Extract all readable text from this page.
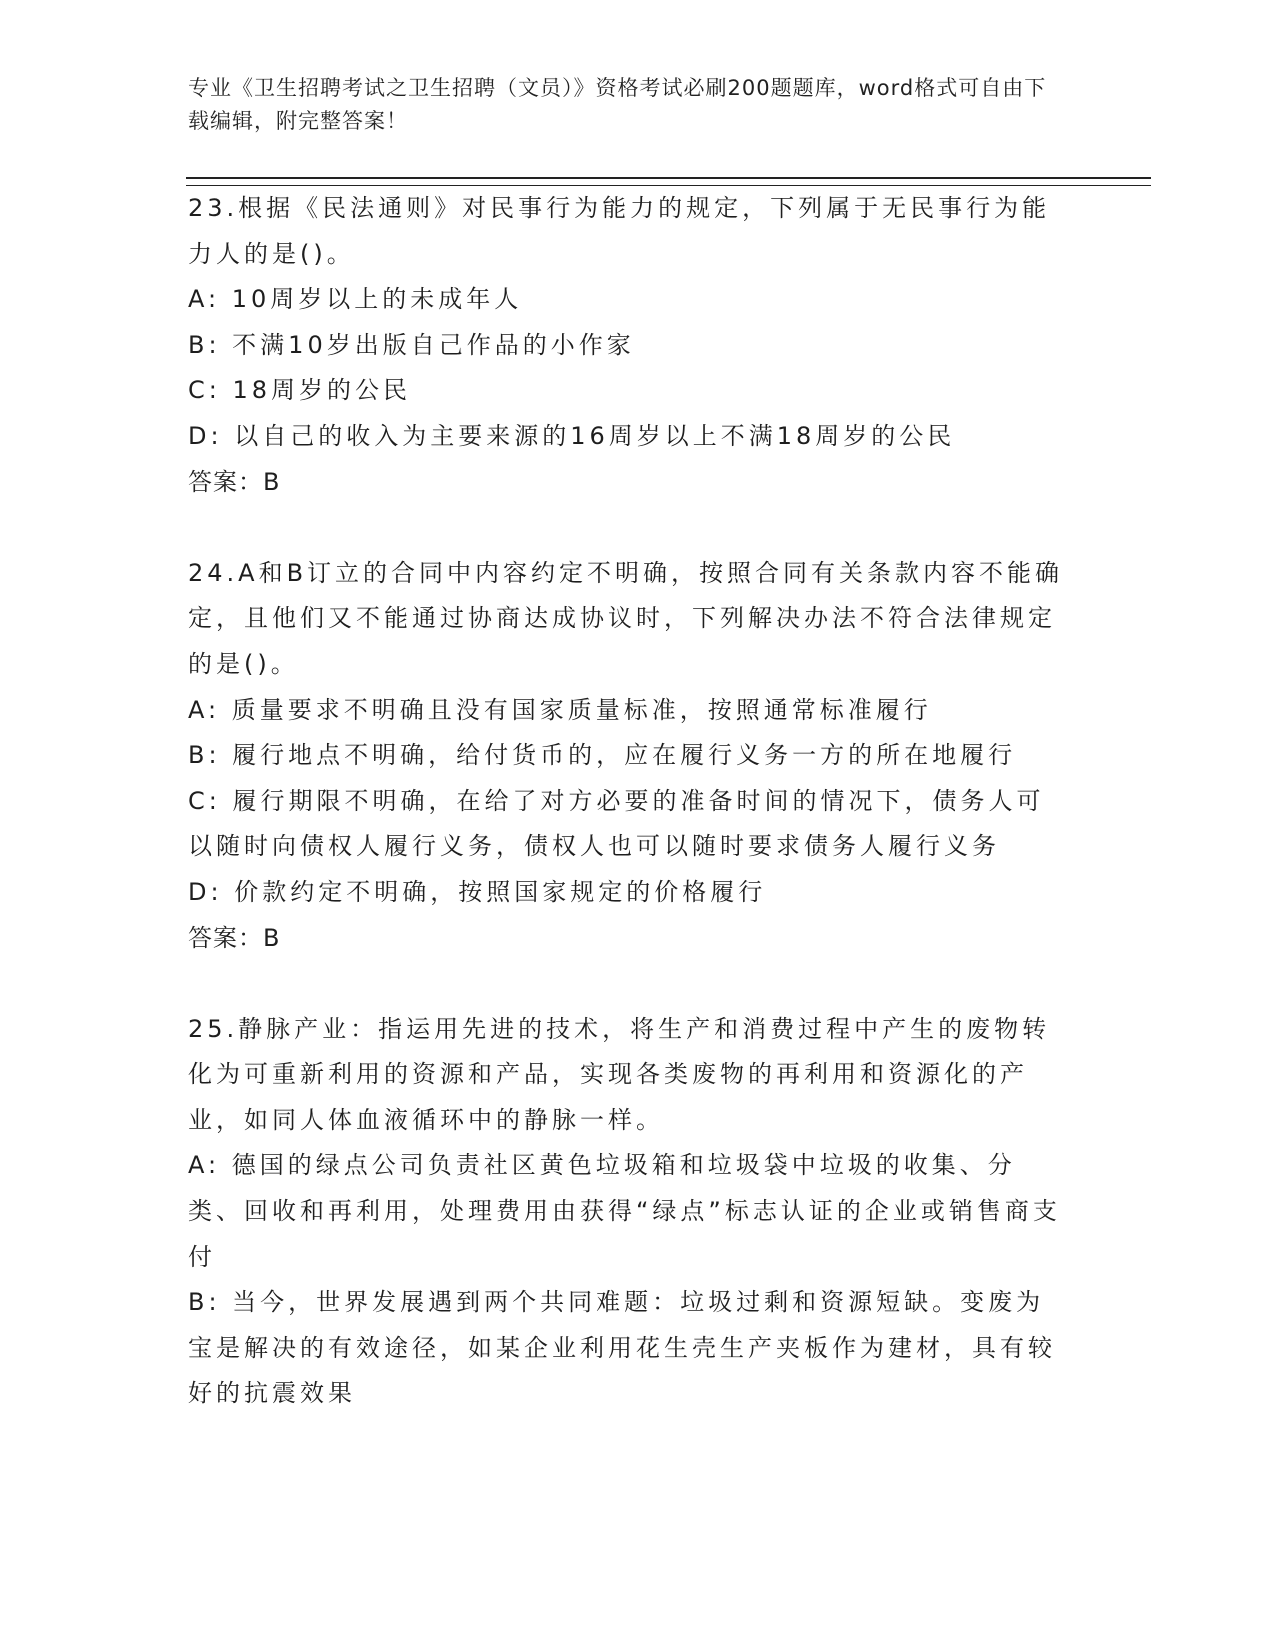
专业《卫生招聘考试之卫生招聘（文员）》资格考试必刷200题题库，word格式可自由下载编辑，附完整答案！

23.根据《民法通则》对民事行为能力的规定，下列属于无民事行为能力人的是()。

A: 10周岁以上的未成年人

B: 不满10岁出版自己作品的小作家

C: 18周岁的公民

D: 以自己的收入为主要来源的16周岁以上不满18周岁的公民

答案：B

24.A和B订立的合同中内容约定不明确，按照合同有关条款内容不能确定，且他们又不能通过协商达成协议时，下列解决办法不符合法律规定的是()。

A: 质量要求不明确且没有国家质量标准，按照通常标准履行

B: 履行地点不明确，给付货币的，应在履行义务一方的所在地履行

C: 履行期限不明确，在给了对方必要的准备时间的情况下，债务人可以随时向债权人履行义务，债权人也可以随时要求债务人履行义务

D: 价款约定不明确，按照国家规定的价格履行

答案：B

25.静脉产业：指运用先进的技术，将生产和消费过程中产生的废物转化为可重新利用的资源和产品，实现各类废物的再利用和资源化的产业，如同人体血液循环中的静脉一样。

A: 德国的绿点公司负责社区黄色垃圾箱和垃圾袋中垃圾的收集、分类、回收和再利用，处理费用由获得“绿点”标志认证的企业或销售商支付

B: 当今，世界发展遇到两个共同难题：垃圾过剩和资源短缺。变废为宝是解决的有效途径，如某企业利用花生壳生产夹板作为建材，具有较好的抗震效果
